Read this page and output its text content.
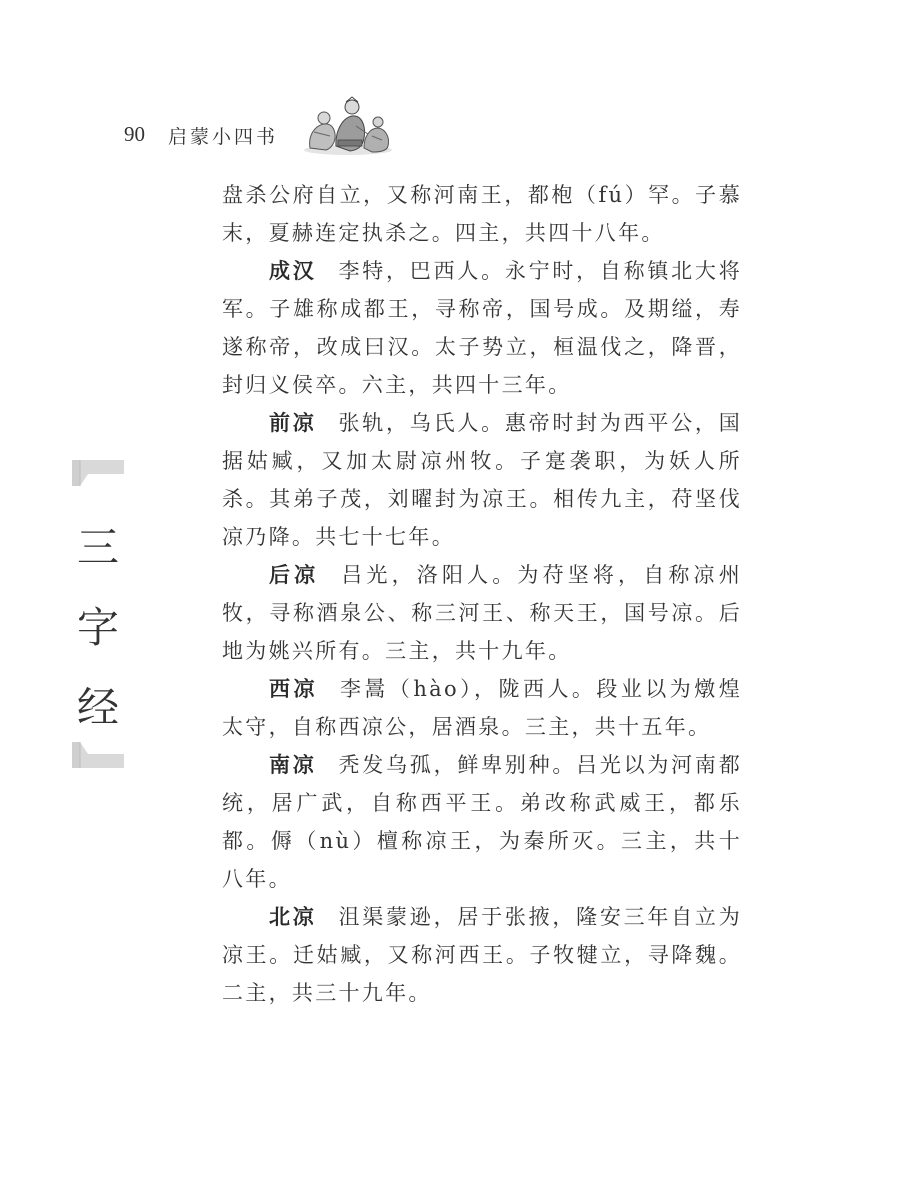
90 启蒙小四书
三
字
经

盘杀公府自立，又称河南王，都枹（fú）罕。子慕末，夏赫连定执杀之。四主，共四十八年。

成汉 李特，巴西人。永宁时，自称镇北大将军。子雄称成都王，寻称帝，国号成。及期缢，寿遂称帝，改成曰汉。太子势立，桓温伐之，降晋，封归义侯卒。六主，共四十三年。

前凉 张轨，乌氏人。惠帝时封为西平公，国据姑臧，又加太尉凉州牧。子寔袭职，为妖人所杀。其弟子茂，刘曜封为凉王。相传九主，苻坚伐凉乃降。共七十七年。

后凉 吕光，洛阳人。为苻坚将，自称凉州牧，寻称酒泉公、称三河王、称天王，国号凉。后地为姚兴所有。三主，共十九年。

西凉 李暠（hào），陇西人。段业以为燉煌太守，自称西凉公，居酒泉。三主，共十五年。

南凉 秃发乌孤，鲜卑别种。吕光以为河南都统，居广武，自称西平王。弟改称武威王，都乐都。傉（nù）檀称凉王，为秦所灭。三主，共十八年。

北凉 沮渠蒙逊，居于张掖，隆安三年自立为凉王。迁姑臧，又称河西王。子牧犍立，寻降魏。二主，共三十九年。
